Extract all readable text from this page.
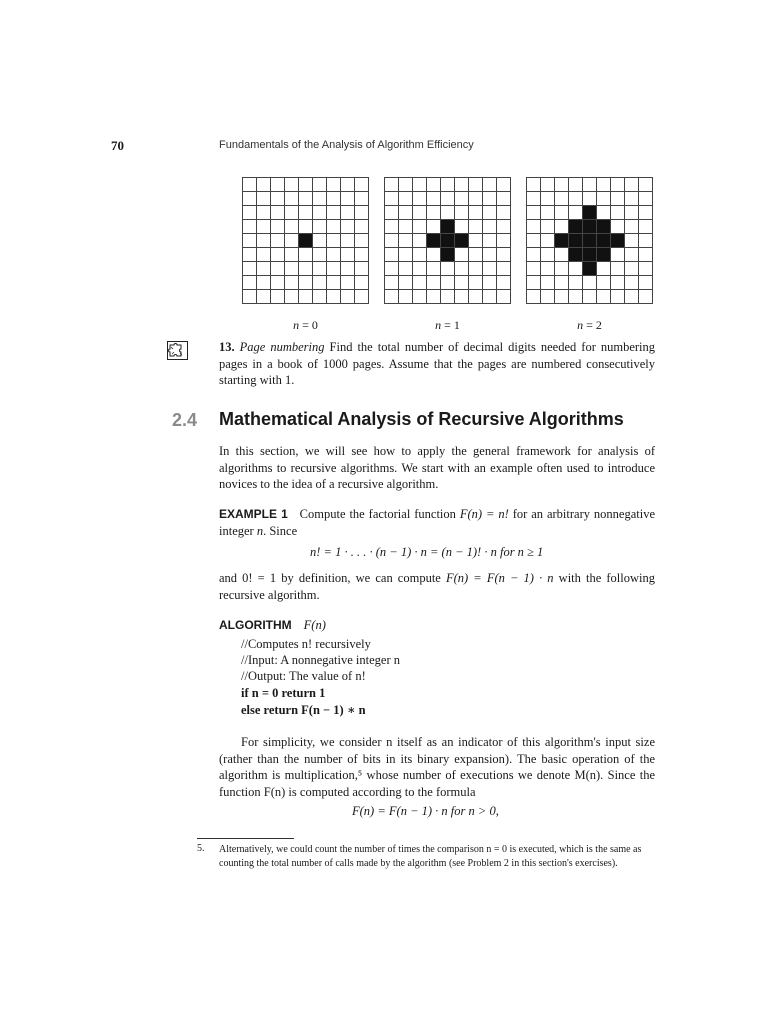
70	Fundamentals of the Analysis of Algorithm Efficiency
n = 0	n = 1	n = 2
13. Page numbering Find the total number of decimal digits needed for numbering pages in a book of 1000 pages. Assume that the pages are numbered consecutively starting with 1.
2.4 Mathematical Analysis of Recursive Algorithms
In this section, we will see how to apply the general framework for analysis of algorithms to recursive algorithms. We start with an example often used to introduce novices to the idea of a recursive algorithm.
EXAMPLE 1 Compute the factorial function F(n) = n! for an arbitrary nonnegative integer n. Since
n! = 1 · . . . · (n − 1) · n = (n − 1)! · n for n ≥ 1
and 0! = 1 by definition, we can compute F(n) = F(n − 1) · n with the following recursive algorithm.
ALGORITHM F(n)
//Computes n! recursively
//Input: A nonnegative integer n
//Output: The value of n!
if n = 0 return 1
else return F(n − 1) ∗ n
For simplicity, we consider n itself as an indicator of this algorithm's input size (rather than the number of bits in its binary expansion). The basic operation of the algorithm is multiplication,⁵ whose number of executions we denote M(n). Since the function F(n) is computed according to the formula
F(n) = F(n − 1) · n for n > 0,
5. Alternatively, we could count the number of times the comparison n = 0 is executed, which is the same as counting the total number of calls made by the algorithm (see Problem 2 in this section's exercises).
